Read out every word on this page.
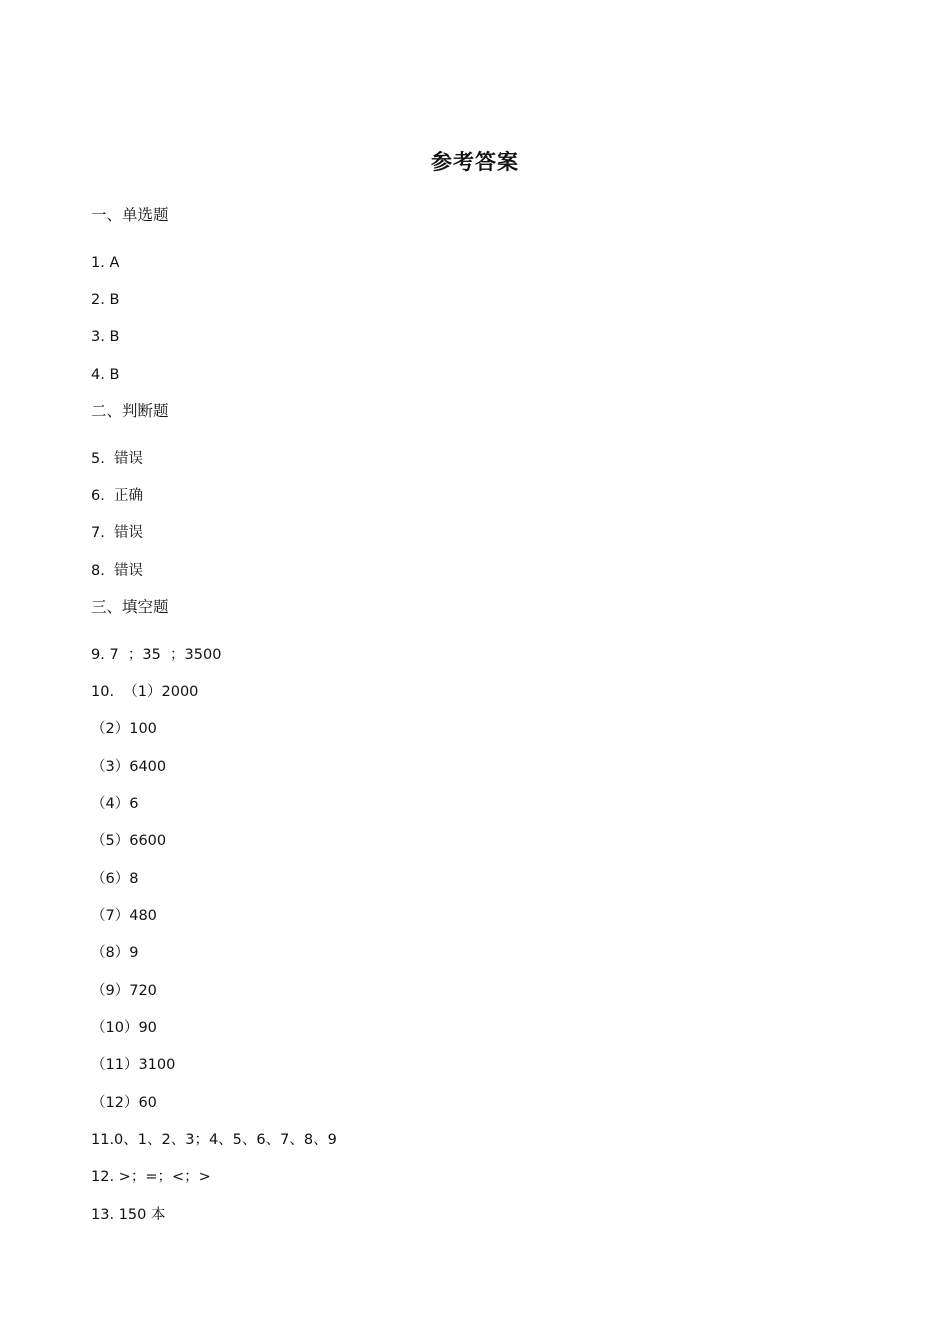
参考答案
一、单选题
1. A
2. B
3. B
4. B
二、判断题
5.  错误
6.  正确
7.  错误
8.  错误
三、填空题
9. 7  ；35  ；3500
10.  （1）2000
（2）100
（3）6400
（4）6
（5）6600
（6）8
（7）480
（8）9
（9）720
（10）90
（11）3100
（12）60
11.0、1、2、3；4、5、6、7、8、9
12. >；=；<；>
13. 150 本
